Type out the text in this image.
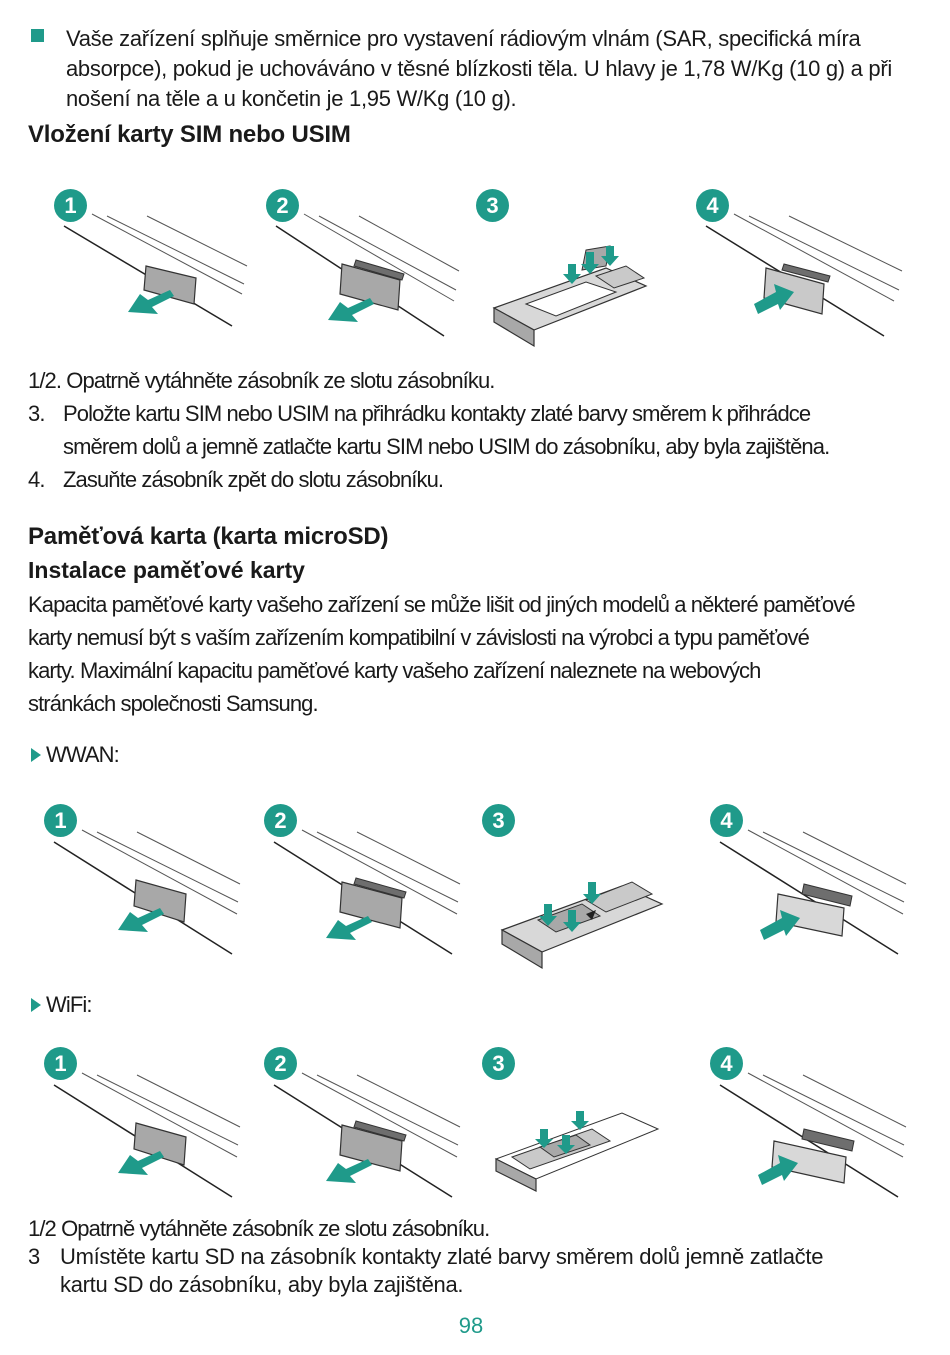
Vaše zařízení splňuje směrnice pro vystavení rádiovým vlnám (SAR, specifická míra
absorpce), pokud je uchováváno v těsné blízkosti těla. U hlavy je 1,78 W/Kg (10 g) a při
nošení na těle a u končetin je 1,95 W/Kg (10 g).
Vložení karty SIM nebo USIM
1	2	3	4
1/2. Opatrně vytáhněte zásobník ze slotu zásobníku.
3. Položte kartu SIM nebo USIM na přihrádku kontakty zlaté barvy směrem k přihrádce
směrem dolů a jemně zatlačte kartu SIM nebo USIM do zásobníku, aby byla zajištěna.
4. Zasuňte zásobník zpět do slotu zásobníku.
Paměťová karta (karta microSD)
Instalace paměťové karty
Kapacita paměťové karty vašeho zařízení se může lišit od jiných modelů a některé paměťové
karty nemusí být s vaším zařízením kompatibilní v závislosti na výrobci a typu paměťové
karty. Maximální kapacitu paměťové karty vašeho zařízení naleznete na webových
stránkách společnosti Samsung.
WWAN:
1	2	3	4
WiFi:
1	2	3	4
1/2 Opatrně vytáhněte zásobník ze slotu zásobníku.
3 Umístěte kartu SD na zásobník kontakty zlaté barvy směrem dolů jemně zatlačte
kartu SD do zásobníku, aby byla zajištěna.
98
